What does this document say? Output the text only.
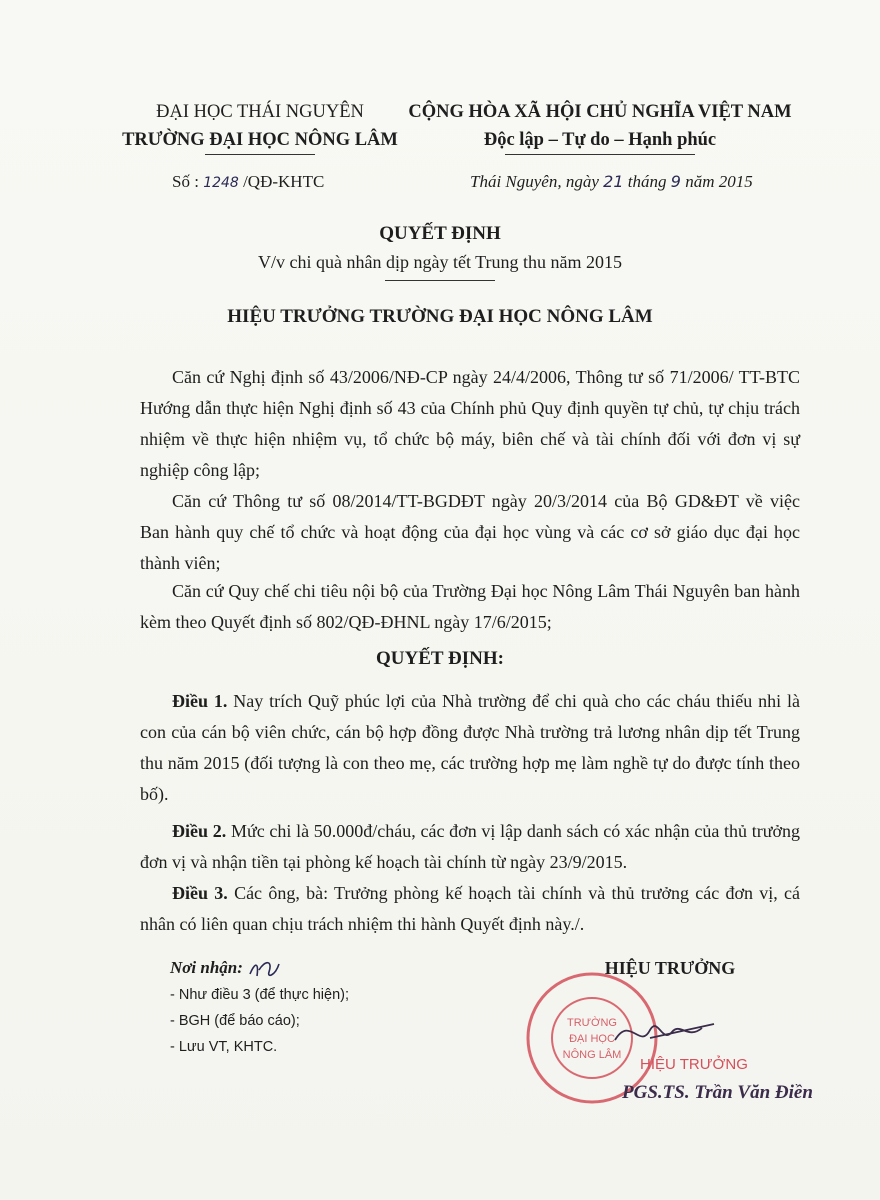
ĐẠI HỌC THÁI NGUYÊN
TRƯỜNG ĐẠI HỌC NÔNG LÂM
CỘNG HÒA XÃ HỘI CHỦ NGHĨA VIỆT NAM
Độc lập – Tự do – Hạnh phúc
Số : 1248 /QĐ-KHTC	Thái Nguyên, ngày 21 tháng 9 năm 2015
QUYẾT ĐỊNH
V/v chi quà nhân dịp ngày tết Trung thu năm 2015
HIỆU TRƯỞNG TRƯỜNG ĐẠI HỌC NÔNG LÂM
Căn cứ Nghị định số 43/2006/NĐ-CP ngày 24/4/2006, Thông tư số 71/2006/ TT-BTC Hướng dẫn thực hiện Nghị định số 43 của Chính phủ Quy định quyền tự chủ, tự chịu trách nhiệm về thực hiện nhiệm vụ, tổ chức bộ máy, biên chế và tài chính đối với đơn vị sự nghiệp công lập;
Căn cứ Thông tư số 08/2014/TT-BGDĐT ngày 20/3/2014 của Bộ GD&ĐT về việc Ban hành quy chế tổ chức và hoạt động của đại học vùng và các cơ sở giáo dục đại học thành viên;
Căn cứ Quy chế chi tiêu nội bộ của Trường Đại học Nông Lâm Thái Nguyên ban hành kèm theo Quyết định số 802/QĐ-ĐHNL ngày 17/6/2015;
QUYẾT ĐỊNH:
Điều 1. Nay trích Quỹ phúc lợi của Nhà trường để chi quà cho các cháu thiếu nhi là con của cán bộ viên chức, cán bộ hợp đồng được Nhà trường trả lương nhân dịp tết Trung thu năm 2015 (đối tượng là con theo mẹ, các trường hợp mẹ làm nghề tự do được tính theo bố).
Điều 2. Mức chi là 50.000đ/cháu, các đơn vị lập danh sách có xác nhận của thủ trưởng đơn vị và nhận tiền tại phòng kế hoạch tài chính từ ngày 23/9/2015.
Điều 3. Các ông, bà: Trưởng phòng kế hoạch tài chính và thủ trưởng các đơn vị, cá nhân có liên quan chịu trách nhiệm thi hành Quyết định này./.
Nơi nhận:
- Như điều 3 (để thực hiện);
- BGH (để báo cáo);
- Lưu VT, KHTC.
HIỆU TRƯỞNG
TRƯỜNG
ĐẠI HỌC
NÔNG LÂM
HIỆU TRƯỞNG
PGS.TS. Trần Văn Điền
